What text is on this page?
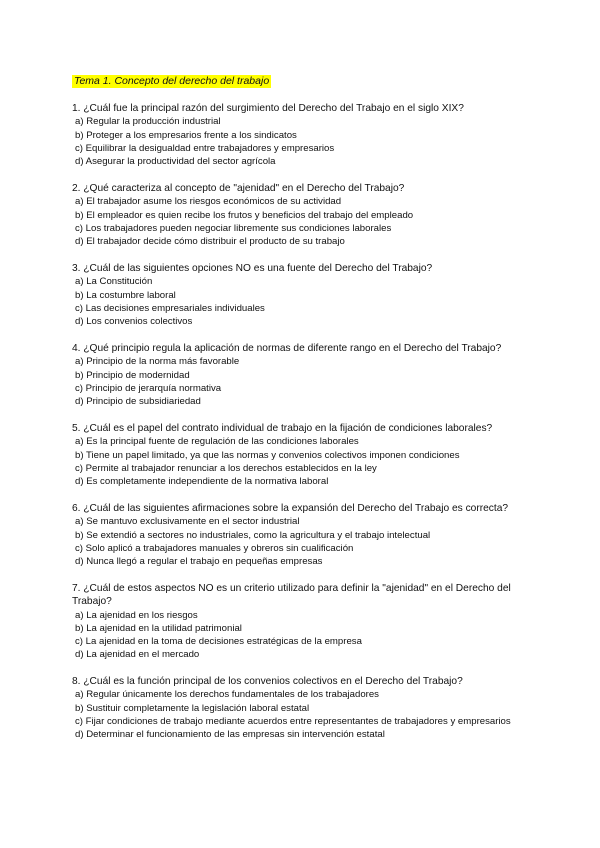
Tema 1. Concepto del derecho del trabajo
1. ¿Cuál fue la principal razón del surgimiento del Derecho del Trabajo en el siglo XIX?
a) Regular la producción industrial
b) Proteger a los empresarios frente a los sindicatos
c) Equilibrar la desigualdad entre trabajadores y empresarios
d) Asegurar la productividad del sector agrícola
2. ¿Qué caracteriza al concepto de "ajenidad" en el Derecho del Trabajo?
a) El trabajador asume los riesgos económicos de su actividad
b) El empleador es quien recibe los frutos y beneficios del trabajo del empleado
c) Los trabajadores pueden negociar libremente sus condiciones laborales
d) El trabajador decide cómo distribuir el producto de su trabajo
3. ¿Cuál de las siguientes opciones NO es una fuente del Derecho del Trabajo?
a) La Constitución
b) La costumbre laboral
c) Las decisiones empresariales individuales
d) Los convenios colectivos
4. ¿Qué principio regula la aplicación de normas de diferente rango en el Derecho del Trabajo?
a) Principio de la norma más favorable
b) Principio de modernidad
c) Principio de jerarquía normativa
d) Principio de subsidiariedad
5. ¿Cuál es el papel del contrato individual de trabajo en la fijación de condiciones laborales?
a) Es la principal fuente de regulación de las condiciones laborales
b) Tiene un papel limitado, ya que las normas y convenios colectivos imponen condiciones
c) Permite al trabajador renunciar a los derechos establecidos en la ley
d) Es completamente independiente de la normativa laboral
6. ¿Cuál de las siguientes afirmaciones sobre la expansión del Derecho del Trabajo es correcta?
a) Se mantuvo exclusivamente en el sector industrial
b) Se extendió a sectores no industriales, como la agricultura y el trabajo intelectual
c) Solo aplicó a trabajadores manuales y obreros sin cualificación
d) Nunca llegó a regular el trabajo en pequeñas empresas
7. ¿Cuál de estos aspectos NO es un criterio utilizado para definir la "ajenidad" en el Derecho del Trabajo?
a) La ajenidad en los riesgos
b) La ajenidad en la utilidad patrimonial
c) La ajenidad en la toma de decisiones estratégicas de la empresa
d) La ajenidad en el mercado
8. ¿Cuál es la función principal de los convenios colectivos en el Derecho del Trabajo?
a) Regular únicamente los derechos fundamentales de los trabajadores
b) Sustituir completamente la legislación laboral estatal
c) Fijar condiciones de trabajo mediante acuerdos entre representantes de trabajadores y empresarios
d) Determinar el funcionamiento de las empresas sin intervención estatal
